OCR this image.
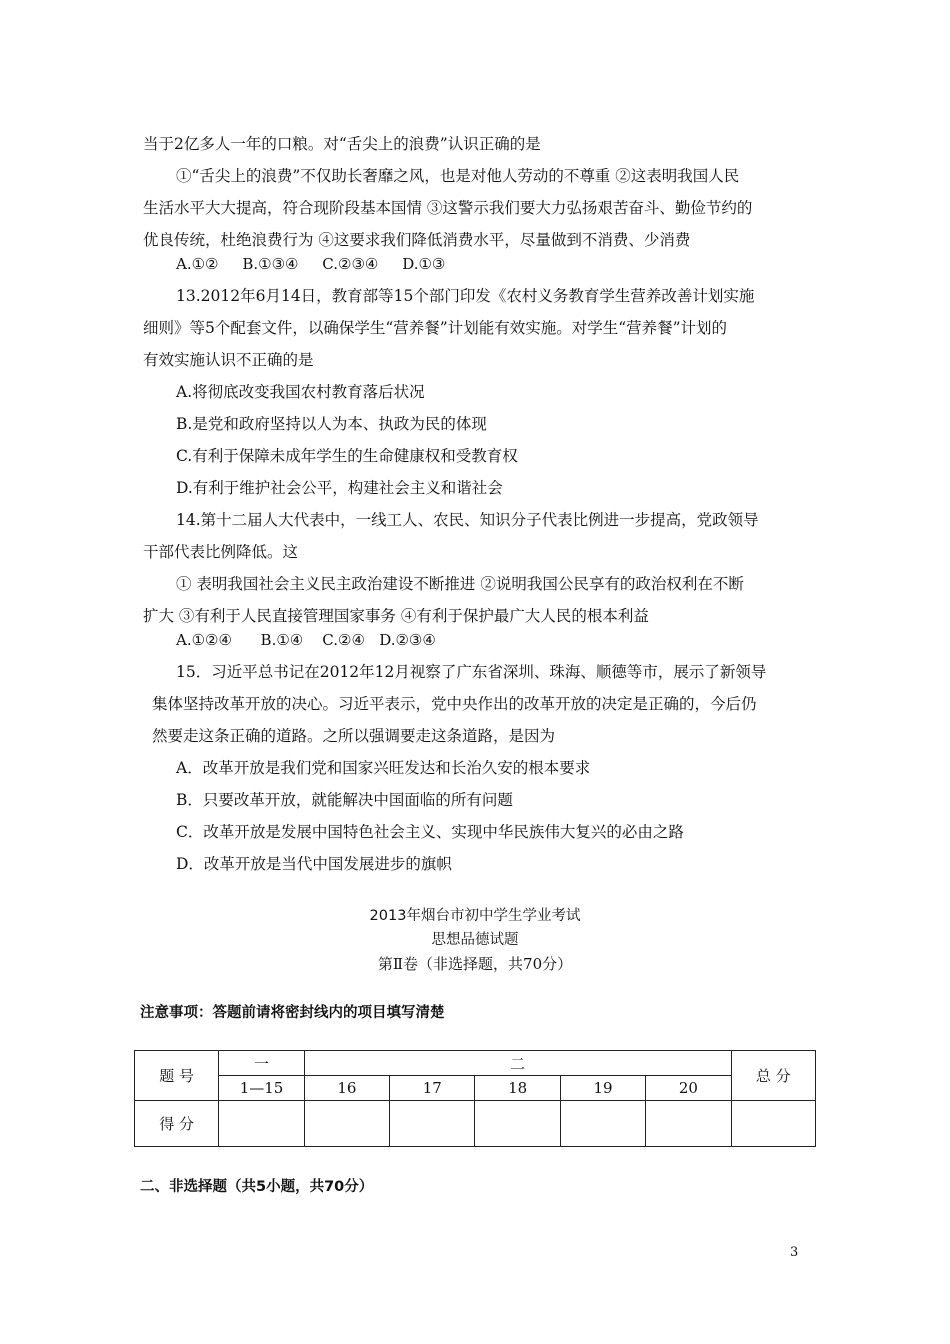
当于2亿多人一年的口粮。对“舌尖上的浪费”认识正确的是
①“舌尖上的浪费”不仅助长奢靡之风，也是对他人劳动的不尊重 ②这表明我国人民
生活水平大大提高，符合现阶段基本国情 ③这警示我们要大力弘扬艰苦奋斗、勤俭节约的
优良传统，杜绝浪费行为 ④这要求我们降低消费水平，尽量做到不消费、少消费
A.①②     B.①③④     C.②③④     D.①③
13.2012年6月14日，教育部等15个部门印发《农村义务教育学生营养改善计划实施
细则》等5个配套文件，以确保学生“营养餐”计划能有效实施。对学生“营养餐”计划的
有效实施认识不正确的是
A.将彻底改变我国农村教育落后状况
B.是党和政府坚持以人为本、执政为民的体现
C.有利于保障未成年学生的生命健康权和受教育权
D.有利于维护社会公平，构建社会主义和谐社会
14.第十二届人大代表中，一线工人、农民、知识分子代表比例进一步提高，党政领导
干部代表比例降低。这
① 表明我国社会主义民主政治建设不断推进 ②说明我国公民享有的政治权利在不断
扩大 ③有利于人民直接管理国家事务 ④有利于保护最广大人民的根本利益
A.①②④      B.①④    C.②④   D.②③④
15．习近平总书记在2012年12月视察了广东省深圳、珠海、顺德等市，展示了新领导
集体坚持改革开放的决心。习近平表示，党中央作出的改革开放的决定是正确的，今后仍
然要走这条正确的道路。之所以强调要走这条道路，是因为
A．改革开放是我们党和国家兴旺发达和长治久安的根本要求
B．只要改革开放，就能解决中国面临的所有问题
C．改革开放是发展中国特色社会主义、实现中华民族伟大复兴的必由之路
D．改革开放是当代中国发展进步的旗帜
2013年烟台市初中学生学业考试
思想品德试题
第Ⅱ卷（非选择题，共70分）
注意事项：答题前请将密封线内的项目填写清楚
题 号	一	二					总 分
	1—15	16	17	18	19	20	
得 分							
二、非选择题（共5小题，共70分）
3
